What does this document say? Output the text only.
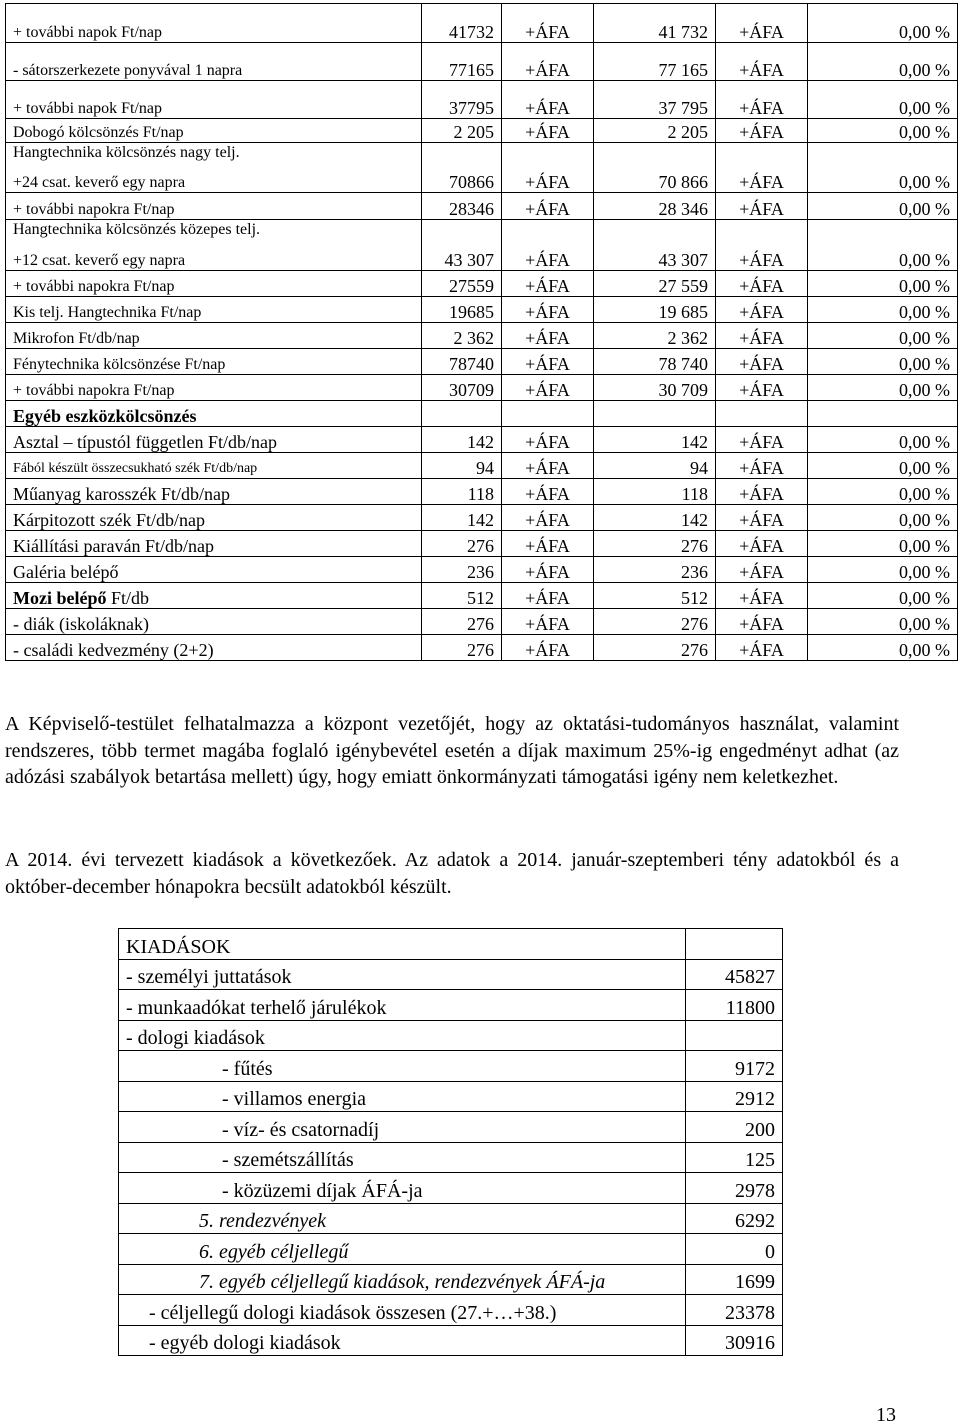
+ további napok Ft/nap	41732	+ÁFA	41 732	+ÁFA	0,00 %
- sátorszerkezete ponyvával 1 napra	77165	+ÁFA	77 165	+ÁFA	0,00 %
+ további napok Ft/nap	37795	+ÁFA	37 795	+ÁFA	0,00 %
Dobogó kölcsönzés Ft/nap	2 205	+ÁFA	2 205	+ÁFA	0,00 %
Hangtechnika kölcsönzés nagy telj.					
+24 csat. keverő egy napra	70866	+ÁFA	70 866	+ÁFA	0,00 %
+ további napokra Ft/nap	28346	+ÁFA	28 346	+ÁFA	0,00 %
Hangtechnika kölcsönzés közepes telj.					
+12 csat. keverő egy napra	43 307	+ÁFA	43 307	+ÁFA	0,00 %
+ további napokra Ft/nap	27559	+ÁFA	27 559	+ÁFA	0,00 %
Kis telj. Hangtechnika Ft/nap	19685	+ÁFA	19 685	+ÁFA	0,00 %
Mikrofon Ft/db/nap	2 362	+ÁFA	2 362	+ÁFA	0,00 %
Fénytechnika kölcsönzése Ft/nap	78740	+ÁFA	78 740	+ÁFA	0,00 %
+ további napokra Ft/nap	30709	+ÁFA	30 709	+ÁFA	0,00 %
Egyéb eszközkölcsönzés					
Asztal – típustól független Ft/db/nap	142	+ÁFA	142	+ÁFA	0,00 %
Fából készült összecsukható szék Ft/db/nap	94	+ÁFA	94	+ÁFA	0,00 %
Műanyag karosszék Ft/db/nap	118	+ÁFA	118	+ÁFA	0,00 %
Kárpitozott szék Ft/db/nap	142	+ÁFA	142	+ÁFA	0,00 %
Kiállítási paraván Ft/db/nap	276	+ÁFA	276	+ÁFA	0,00 %
Galéria belépő	236	+ÁFA	236	+ÁFA	0,00 %
Mozi belépő Ft/db	512	+ÁFA	512	+ÁFA	0,00 %
- diák (iskoláknak)	276	+ÁFA	276	+ÁFA	0,00 %
- családi kedvezmény (2+2)	276	+ÁFA	276	+ÁFA	0,00 %

A Képviselő-testület felhatalmazza a központ vezetőjét, hogy az oktatási-tudományos használat, valamint rendszeres, több termet magába foglaló igénybevétel esetén a díjak maximum 25%-ig engedményt adhat (az adózási szabályok betartása mellett) úgy, hogy emiatt önkormányzati támogatási igény nem keletkezhet.

A 2014. évi tervezett kiadások a következőek. Az adatok a 2014. január-szeptemberi tény adatokból és a október-december hónapokra becsült adatokból készült.

KIADÁSOK	
- személyi juttatások	45827
- munkaadókat terhelő járulékok	11800
- dologi kiadások	
- fűtés	9172
- villamos energia	2912
- víz- és csatornadíj	200
- szemétszállítás	125
- közüzemi díjak ÁFÁ-ja	2978
5. rendezvények	6292
6. egyéb céljellegű	0
7. egyéb céljellegű kiadások, rendezvények ÁFÁ-ja	1699
- céljellegű dologi kiadások összesen (27.+…+38.)	23378
- egyéb dologi kiadások	30916
13
